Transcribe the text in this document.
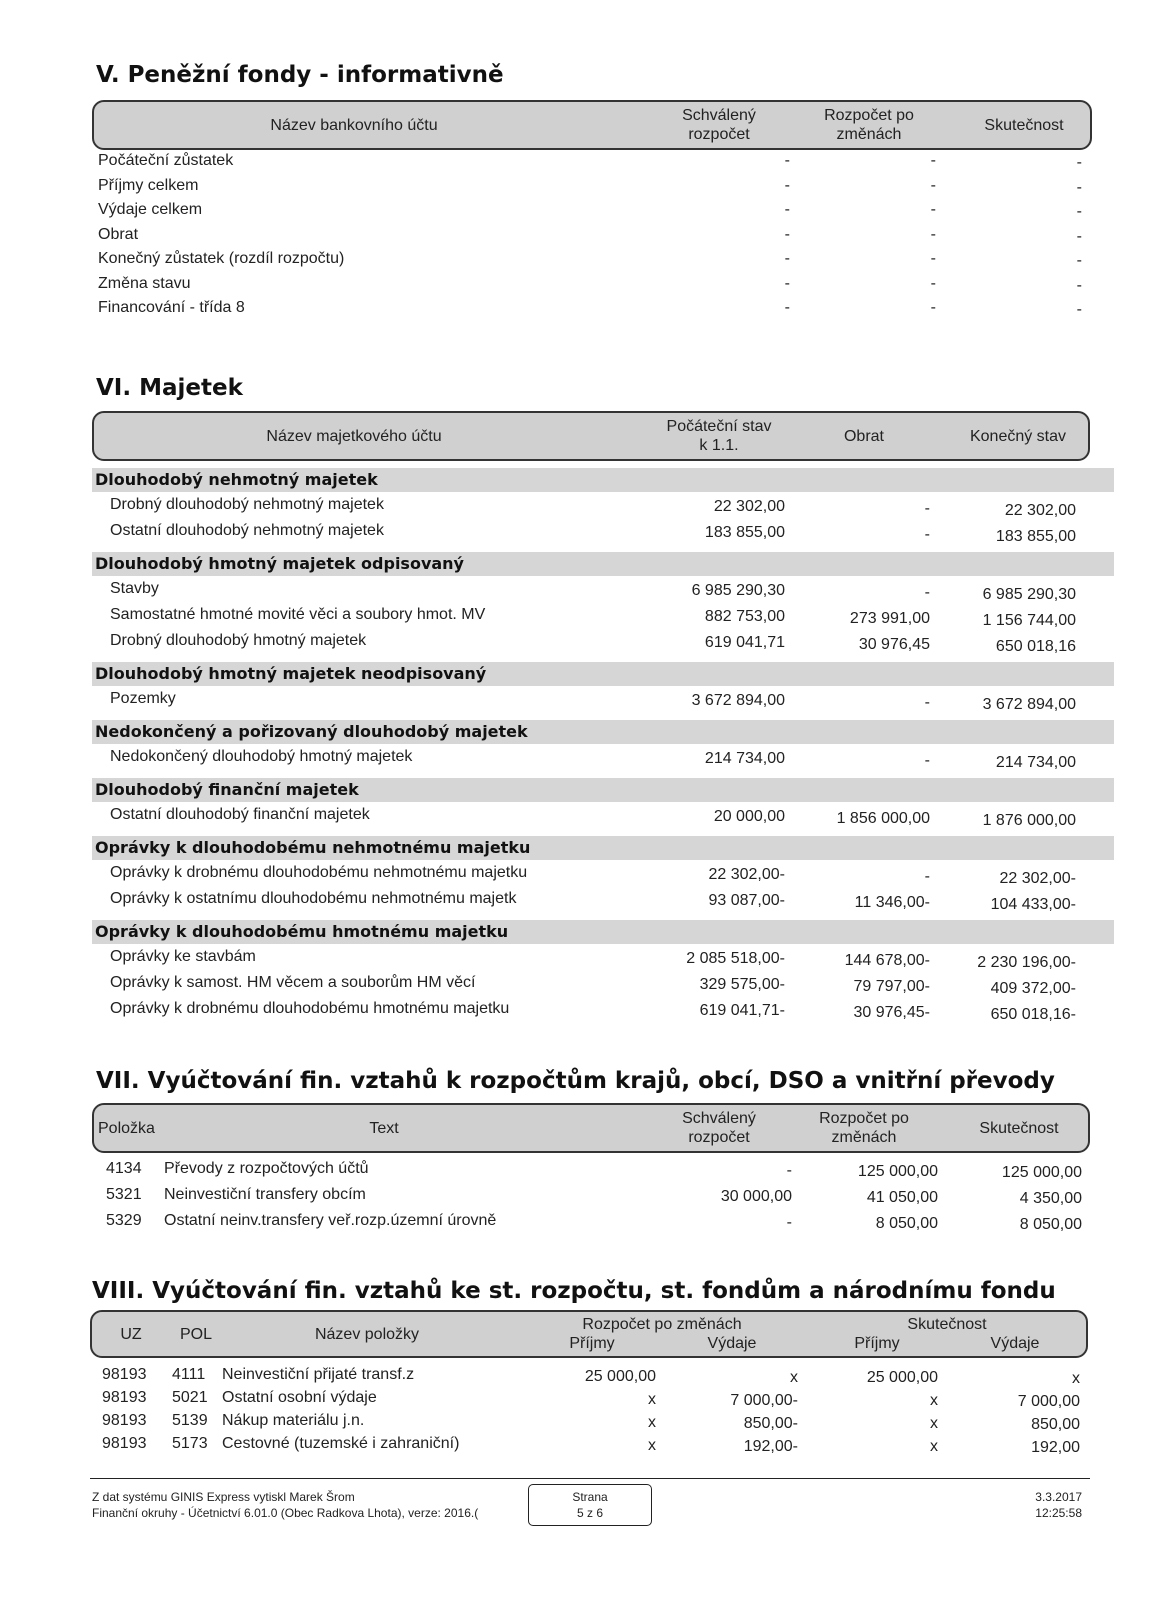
V. Peněžní fondy - informativně
Název bankovního účtu
Schválený
rozpočet
Rozpočet po
změnách
Skutečnost
Počáteční zůstatek	-	-	-
Příjmy celkem	-	-	-
Výdaje celkem	-	-	-
Obrat	-	-	-
Konečný zůstatek (rozdíl rozpočtu)	-	-	-
Změna stavu	-	-	-
Financování - třída 8	-	-	-
VI. Majetek
Název majetkového účtu
Počáteční stav
k 1.1.
Obrat	Konečný stav
Dlouhodobý nehmotný majetek
Drobný dlouhodobý nehmotný majetek	22 302,00	-	22 302,00
Ostatní dlouhodobý nehmotný majetek	183 855,00	-	183 855,00
Dlouhodobý hmotný majetek odpisovaný
Stavby	6 985 290,30	-	6 985 290,30
Samostatné hmotné movité věci a soubory hmot. MV	882 753,00	273 991,00	1 156 744,00
Drobný dlouhodobý hmotný majetek	619 041,71	30 976,45	650 018,16
Dlouhodobý hmotný majetek neodpisovaný
Pozemky	3 672 894,00	-	3 672 894,00
Nedokončený a pořizovaný dlouhodobý majetek
Nedokončený dlouhodobý hmotný majetek	214 734,00	-	214 734,00
Dlouhodobý finanční majetek
Ostatní dlouhodobý finanční majetek	20 000,00	1 856 000,00	1 876 000,00
Oprávky k dlouhodobému nehmotnému majetku
Oprávky k drobnému dlouhodobému nehmotnému majetku	22 302,00-	-	22 302,00-
Oprávky k ostatnímu dlouhodobému nehmotnému majetk	93 087,00-	11 346,00-	104 433,00-
Oprávky k dlouhodobému hmotnému majetku
Oprávky ke stavbám	2 085 518,00-	144 678,00-	2 230 196,00-
Oprávky k samost. HM věcem a souborům HM věcí	329 575,00-	79 797,00-	409 372,00-
Oprávky k drobnému dlouhodobému hmotnému majetku	619 041,71-	30 976,45-	650 018,16-
VII. Vyúčtování fin. vztahů k rozpočtům krajů, obcí, DSO a vnitřní převody
Položka	Text
Schválený
rozpočet
Rozpočet po
změnách
Skutečnost
4134 Převody z rozpočtových účtů	-	125 000,00	125 000,00
5321 Neinvestiční transfery obcím	30 000,00	41 050,00	4 350,00
5329 Ostatní neinv.transfery veř.rozp.územní úrovně	-	8 050,00	8 050,00
VIII. Vyúčtování fin. vztahů ke st. rozpočtu, st. fondům a národnímu fondu
UZ POL	Název položky
Rozpočet po změnách
Příjmy	Výdaje
Skutečnost
Příjmy	Výdaje
98193 4111 Neinvestiční přijaté transf.z	25 000,00	x	25 000,00	x
98193 5021 Ostatní osobní výdaje	x	7 000,00-	x	7 000,00
98193 5139 Nákup materiálu j.n.	x	850,00-	x	850,00
98193 5173 Cestovné (tuzemské i zahraniční)	x	192,00-	x	192,00
Z dat systému GINIS Express vytiskl Marek Šrom
Finanční okruhy - Účetnictví 6.01.0 (Obec Radkova Lhota), verze: 2016.(
Strana
5 z 6
3.3.2017
12:25:58
